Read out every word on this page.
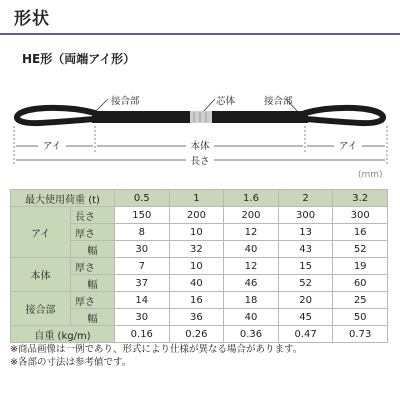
形状
HE形（両端アイ形）
接合部	芯体	接合部
アイ	本体	アイ
長さ
(mm)
最大使用荷重 (t)		0.5	1	1.6	2	3.2
アイ	長さ	150	200	200	300	300
	厚さ	8	10	12	13	16
	幅	30	32	40	43	52
本体	厚さ	7	10	12	15	19
	幅	37	40	46	52	60
接合部	厚さ	14	16	18	20	25
	幅	30	36	40	45	50
自重 (kg/m)		0.16	0.26	0.36	0.47	0.73
※商品画像は一例であり、形式により仕様が異なる場合があります。
※各部の寸法は参考値です。
